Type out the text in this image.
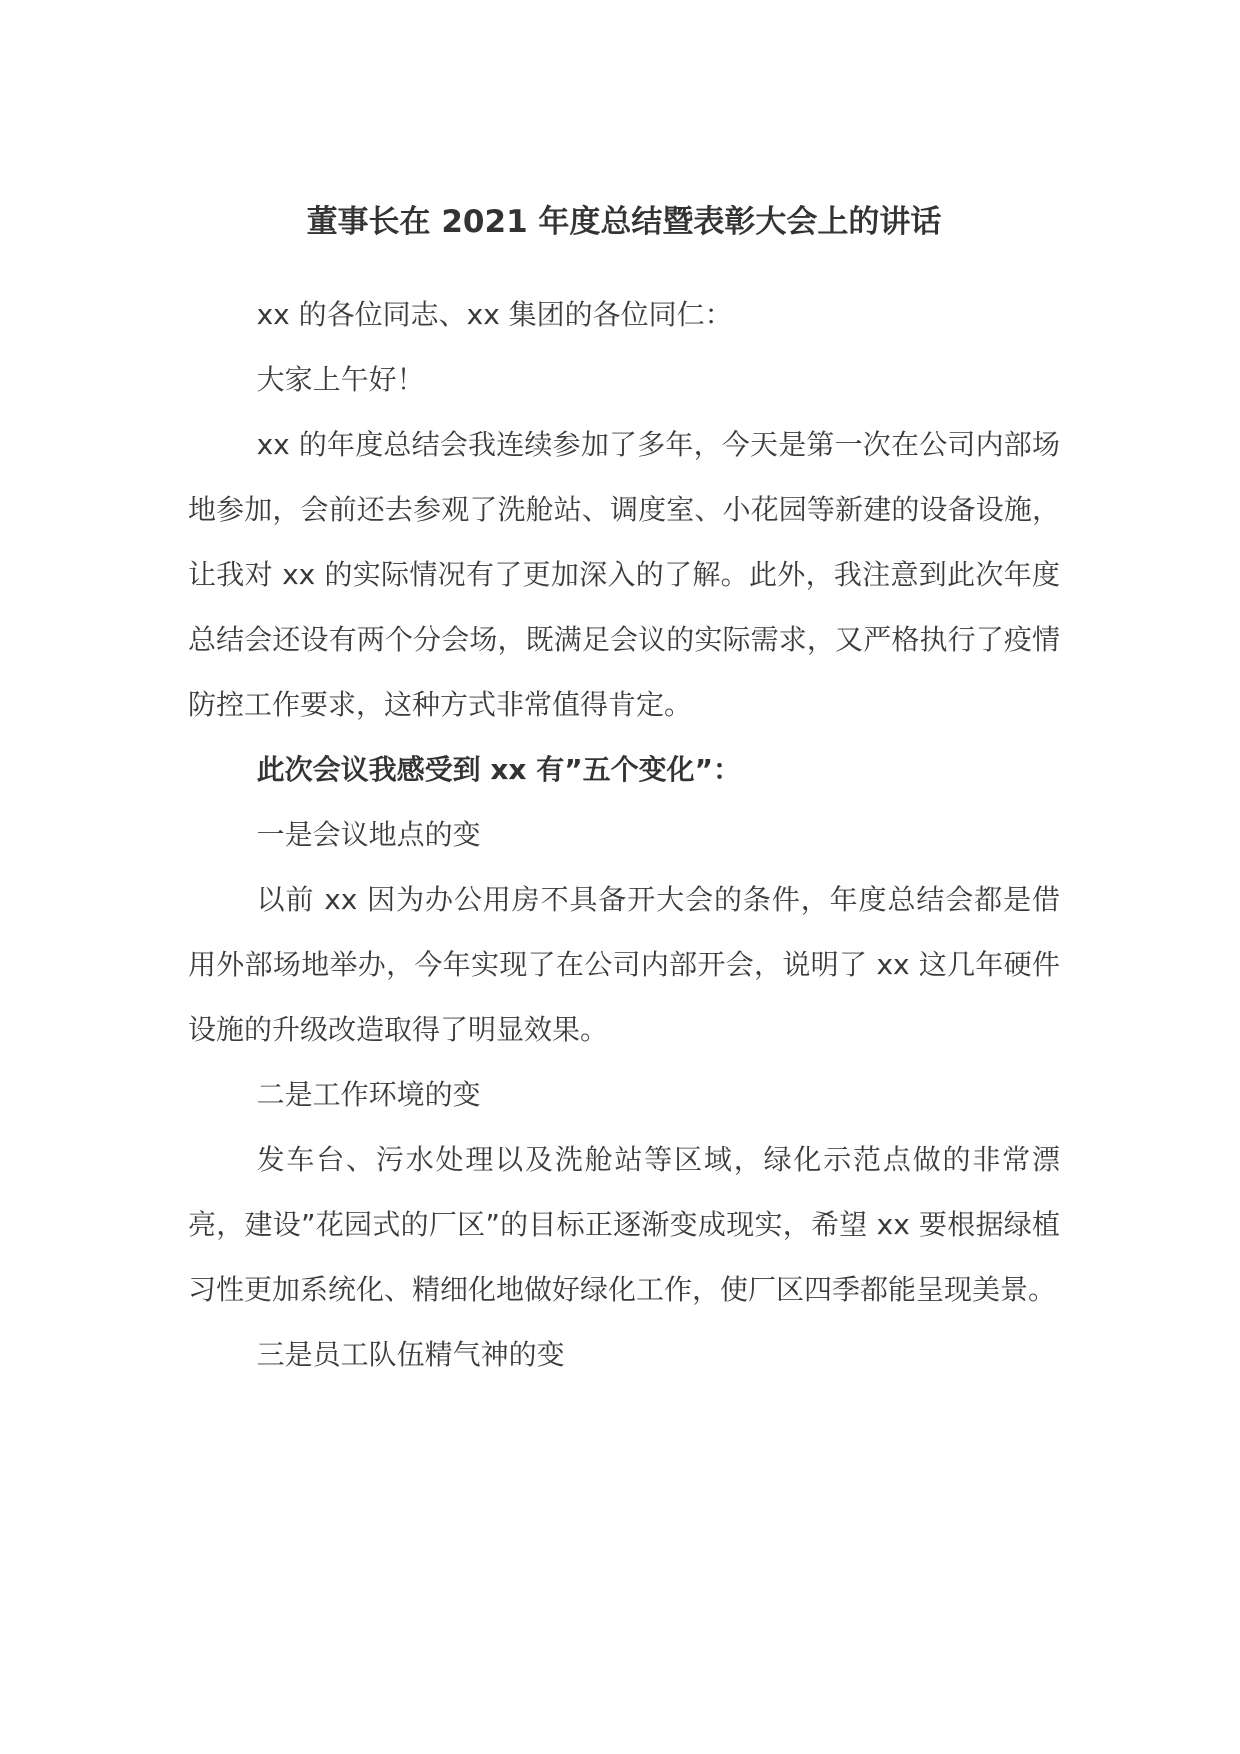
董事长在 2021 年度总结暨表彰大会上的讲话

xx 的各位同志、xx 集团的各位同仁：

大家上午好！

xx 的年度总结会我连续参加了多年，今天是第一次在公司内部场地参加，会前还去参观了洗舱站、调度室、小花园等新建的设备设施，让我对 xx 的实际情况有了更加深入的了解。此外，我注意到此次年度总结会还设有两个分会场，既满足会议的实际需求，又严格执行了疫情防控工作要求，这种方式非常值得肯定。

此次会议我感受到 xx 有”五个变化”：

一是会议地点的变

以前 xx 因为办公用房不具备开大会的条件，年度总结会都是借用外部场地举办，今年实现了在公司内部开会，说明了 xx 这几年硬件设施的升级改造取得了明显效果。

二是工作环境的变

发车台、污水处理以及洗舱站等区域，绿化示范点做的非常漂亮，建设”花园式的厂区”的目标正逐渐变成现实，希望 xx 要根据绿植习性更加系统化、精细化地做好绿化工作，使厂区四季都能呈现美景。

三是员工队伍精气神的变
